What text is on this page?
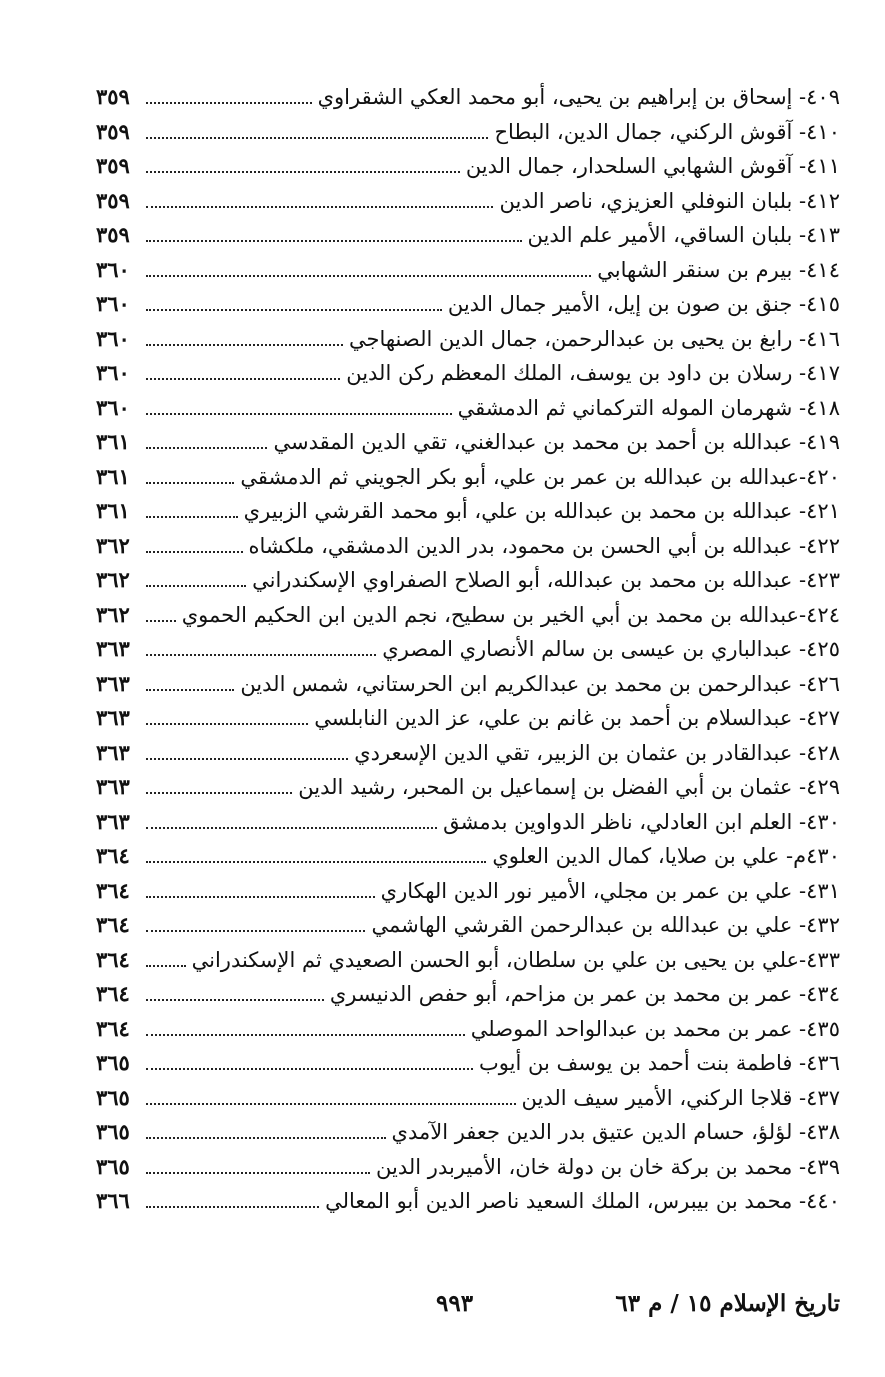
٤٠٩- إسحاق بن إبراهيم بن يحيى، أبو محمد العكي الشقراوي
٣٥٩
٤١٠- آقوش الركني، جمال الدين، البطاح
٣٥٩
٤١١- آقوش الشهابي السلحدار، جمال الدين
٣٥٩
٤١٢- بلبان النوفلي العزيزي، ناصر الدين
٣٥٩
٤١٣- بلبان الساقي، الأمير علم الدين
٣٥٩
٤١٤- بيرم بن سنقر الشهابي
٣٦٠
٤١٥- جنق بن صون بن إيل، الأمير جمال الدين
٣٦٠
٤١٦- رابغ بن يحيى بن عبدالرحمن، جمال الدين الصنهاجي
٣٦٠
٤١٧- رسلان بن داود بن يوسف، الملك المعظم ركن الدين
٣٦٠
٤١٨- شهرمان الموله التركماني ثم الدمشقي
٣٦٠
٤١٩- عبدالله بن أحمد بن محمد بن عبدالغني، تقي الدين المقدسي
٣٦١
٤٢٠-عبدالله بن عبدالله بن عمر بن علي، أبو بكر الجويني ثم الدمشقي
٣٦١
٤٢١- عبدالله بن محمد بن عبدالله بن علي، أبو محمد القرشي الزبيري
٣٦١
٤٢٢- عبدالله بن أبي الحسن بن محمود، بدر الدين الدمشقي، ملكشاه
٣٦٢
٤٢٣- عبدالله بن محمد بن عبدالله، أبو الصلاح الصفراوي الإسكندراني
٣٦٢
٤٢٤-عبدالله بن محمد بن أبي الخير بن سطيح، نجم الدين ابن الحكيم الحموي
٣٦٢
٤٢٥- عبدالباري بن عيسى بن سالم الأنصاري المصري
٣٦٣
٤٢٦- عبدالرحمن بن محمد بن عبدالكريم ابن الحرستاني، شمس الدين
٣٦٣
٤٢٧- عبدالسلام بن أحمد بن غانم بن علي، عز الدين النابلسي
٣٦٣
٤٢٨- عبدالقادر بن عثمان بن الزبير، تقي الدين الإسعردي
٣٦٣
٤٢٩- عثمان بن أبي الفضل بن إسماعيل بن المحبر، رشيد الدين
٣٦٣
٤٣٠- العلم ابن العادلي، ناظر الدواوين بدمشق
٣٦٣
٤٣٠م- علي بن صلايا، كمال الدين العلوي
٣٦٤
٤٣١- علي بن عمر بن مجلي، الأمير نور الدين الهكاري
٣٦٤
٤٣٢- علي بن عبدالله بن عبدالرحمن القرشي الهاشمي
٣٦٤
٤٣٣-علي بن يحيى بن علي بن سلطان، أبو الحسن الصعيدي ثم الإسكندراني
٣٦٤
٤٣٤- عمر بن محمد بن عمر بن مزاحم، أبو حفص الدنيسري
٣٦٤
٤٣٥- عمر بن محمد بن عبدالواحد الموصلي
٣٦٤
٤٣٦- فاطمة بنت أحمد بن يوسف بن أيوب
٣٦٥
٤٣٧- قلاجا الركني، الأمير سيف الدين
٣٦٥
٤٣٨- لؤلؤ، حسام الدين عتيق بدر الدين جعفر الآمدي
٣٦٥
٤٣٩- محمد بن بركة خان بن دولة خان، الأميربدر الدين
٣٦٥
٤٤٠- محمد بن بيبرس، الملك السعيد ناصر الدين أبو المعالي
٣٦٦
تاريخ الإسلام ١٥ / م ٦٣
٩٩٣
